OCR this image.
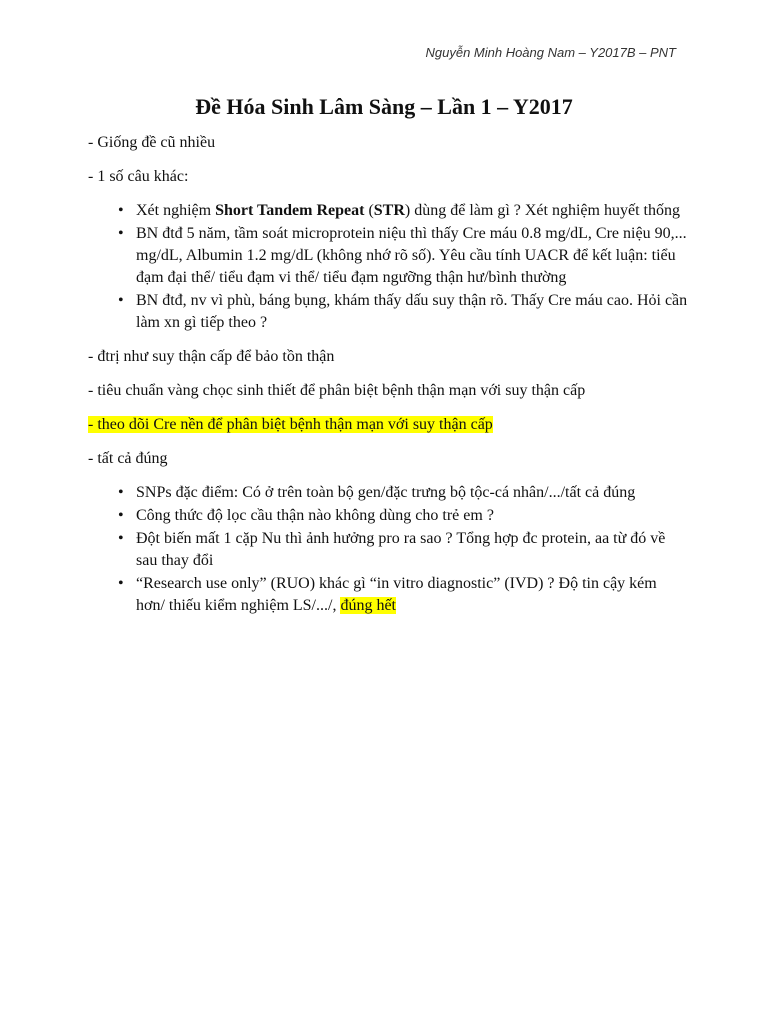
Nguyễn Minh Hoàng Nam – Y2017B – PNT
Đề Hóa Sinh Lâm Sàng – Lần 1 – Y2017

- Giống đề cũ nhiều

- 1 số câu khác:

• Xét nghiệm Short Tandem Repeat (STR) dùng để làm gì ? Xét nghiệm huyết thống
• BN đtđ 5 năm, tầm soát microprotein niệu thì thấy Cre máu 0.8 mg/dL, Cre niệu 90,... mg/dL, Albumin 1.2 mg/dL (không nhớ rõ số). Yêu cầu tính UACR để kết luận: tiểu đạm đại thể/ tiểu đạm vi thể/ tiểu đạm ngưỡng thận hư/bình thường
• BN đtđ, nv vì phù, báng bụng, khám thấy dấu suy thận rõ. Thấy Cre máu cao. Hỏi cần làm xn gì tiếp theo ?

- đtrị như suy thận cấp để bảo tồn thận

- tiêu chuẩn vàng chọc sinh thiết để phân biệt bệnh thận mạn với suy thận cấp

- theo dõi Cre nền để phân biệt bệnh thận mạn với suy thận cấp

- tất cả đúng

• SNPs đặc điểm: Có ở trên toàn bộ gen/đặc trưng bộ tộc-cá nhân/.../tất cả đúng
• Công thức độ lọc cầu thận nào không dùng cho trẻ em ?
• Đột biến mất 1 cặp Nu thì ảnh hưởng pro ra sao ? Tổng hợp đc protein, aa từ đó về sau thay đổi
• “Research use only” (RUO) khác gì “in vitro diagnostic” (IVD) ? Độ tin cậy kém hơn/ thiếu kiểm nghiệm LS/.../, đúng hết
